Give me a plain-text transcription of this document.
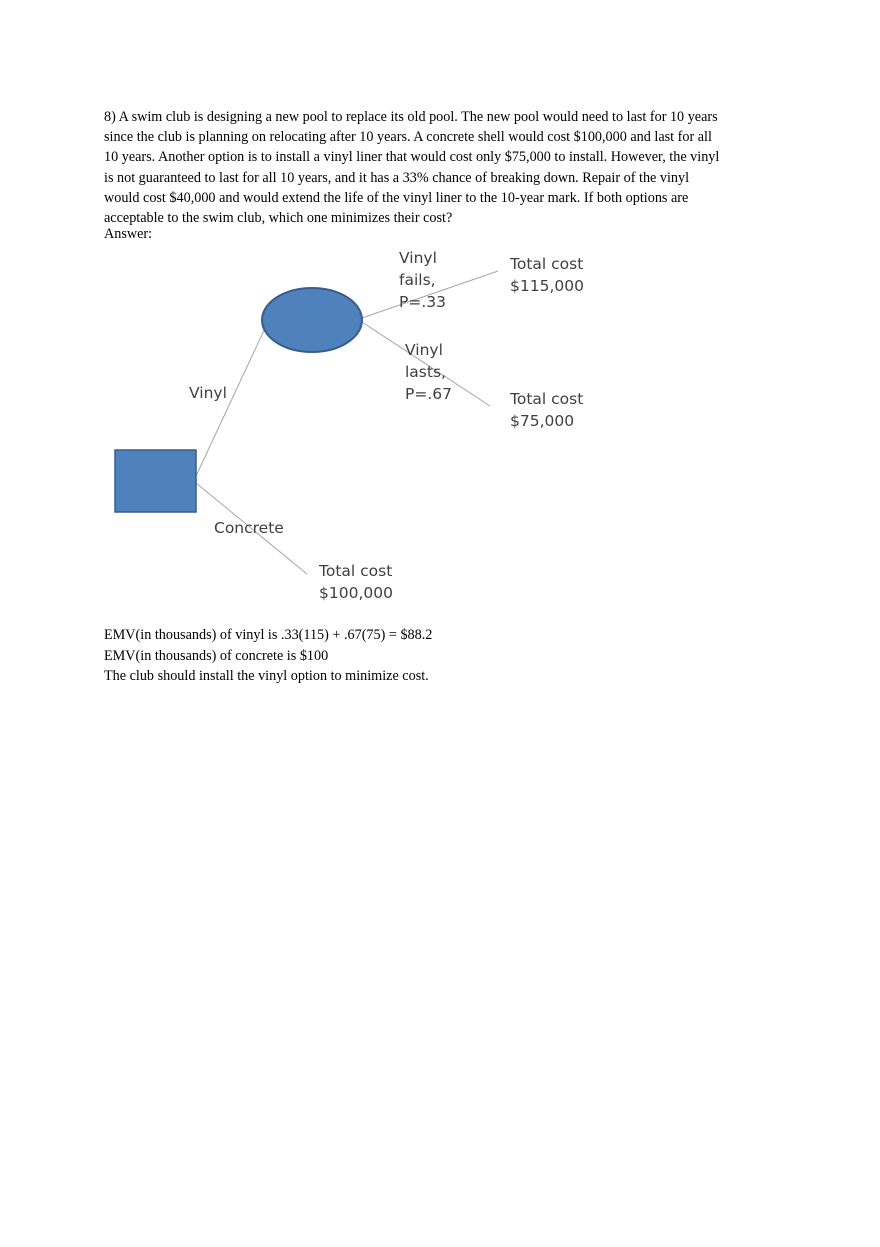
8) A swim club is designing a new pool to replace its old pool. The new pool would need to last for 10 years since the club is planning on relocating after 10 years. A concrete shell would cost $100,000 and last for all 10 years. Another option is to install a vinyl liner that would cost only $75,000 to install. However, the vinyl is not guaranteed to last for all 10 years, and it has a 33% chance of breaking down. Repair of the vinyl would cost $40,000 and would extend the life of the vinyl liner to the 10-year mark. If both options are acceptable to the swim club, which one minimizes their cost?

Answer:

Vinyl
Concrete
Vinyl
fails,
P=.33
Vinyl
lasts,
P=.67
Total cost
$115,000
Total cost
$75,000
Total cost
$100,000

EMV(in thousands) of vinyl is .33(115) + .67(75) = $88.2

EMV(in thousands) of concrete is $100

The club should install the vinyl option to minimize cost.
